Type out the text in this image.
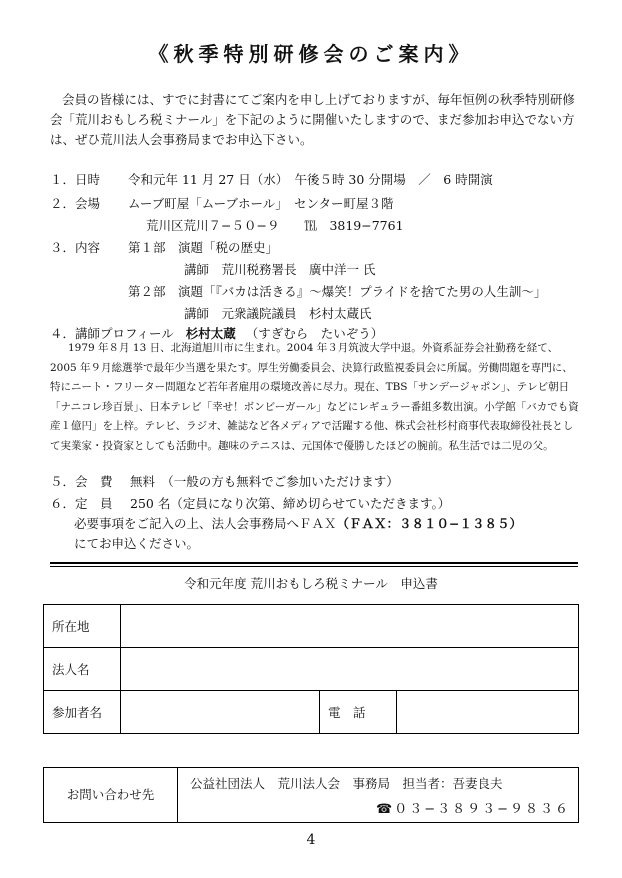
《秋季特別研修会のご案内》
会員の皆様には、すでに封書にてご案内を申し上げておりますが、毎年恒例の秋季特別研修会「荒川おもしろ税ミナール」を下記のように開催いたしますので、まだ参加お申込でない方は、ぜひ荒川法人会事務局までお申込下さい。
１．日時 令和元年 11 月 27 日（水）　午後５時 30 分開場　／　6 時開演
２．会場 ムーブ町屋「ムーブホール」　センター町屋３階
荒川区荒川７−５０−９　　℡　3819−7761
３．内容 第１部　演題「税の歴史」
講師　荒川税務署長　廣中洋一 氏
第２部　演題「『バカは活きる』〜爆笑！プライドを捨てた男の人生訓〜」
講師　元衆議院議員　杉村太蔵氏
４．講師プロフィール 杉村太蔵 （すぎむら　たいぞう）
1979 年８月 13 日、北海道旭川市に生まれ。2004 年３月筑波大学中退。外資系証券会社勤務を経て、2005 年９月総選挙で最年少当選を果たす。厚生労働委員会、決算行政監視委員会に所属。労働問題を専門に、特にニート・フリーター問題など若年者雇用の環境改善に尽力。現在、TBS「サンデージャポン」、テレビ朝日「ナニコレ珍百景」、日本テレビ「幸せ！ボンビーガール」などにレギュラー番組多数出演。小学館「バカでも資産１億円」を上梓。テレビ、ラジオ、雑誌など各メディアで活躍する他、株式会社杉村商事代表取締役社長として実業家・投資家としても活動中。趣味のテニスは、元国体で優勝したほどの腕前。私生活では二児の父。
５．会　費 無料　（一般の方も無料でご参加いただけます）
６．定　員 250 名（定員になり次第、締め切らせていただきます。）
必要事項をご記入の上、法人会事務局へＦＡＸ（ＦＡＸ：３８１０−１３８５）
にてお申込ください。
令和元年度 荒川おもしろ税ミナール　申込書
所在地			
法人名			
参加者名		電　話	
お問い合わせ先
公益社団法人　荒川法人会　事務局　担当者：吾妻良夫
☎０３−３８９３−９８３６
4
